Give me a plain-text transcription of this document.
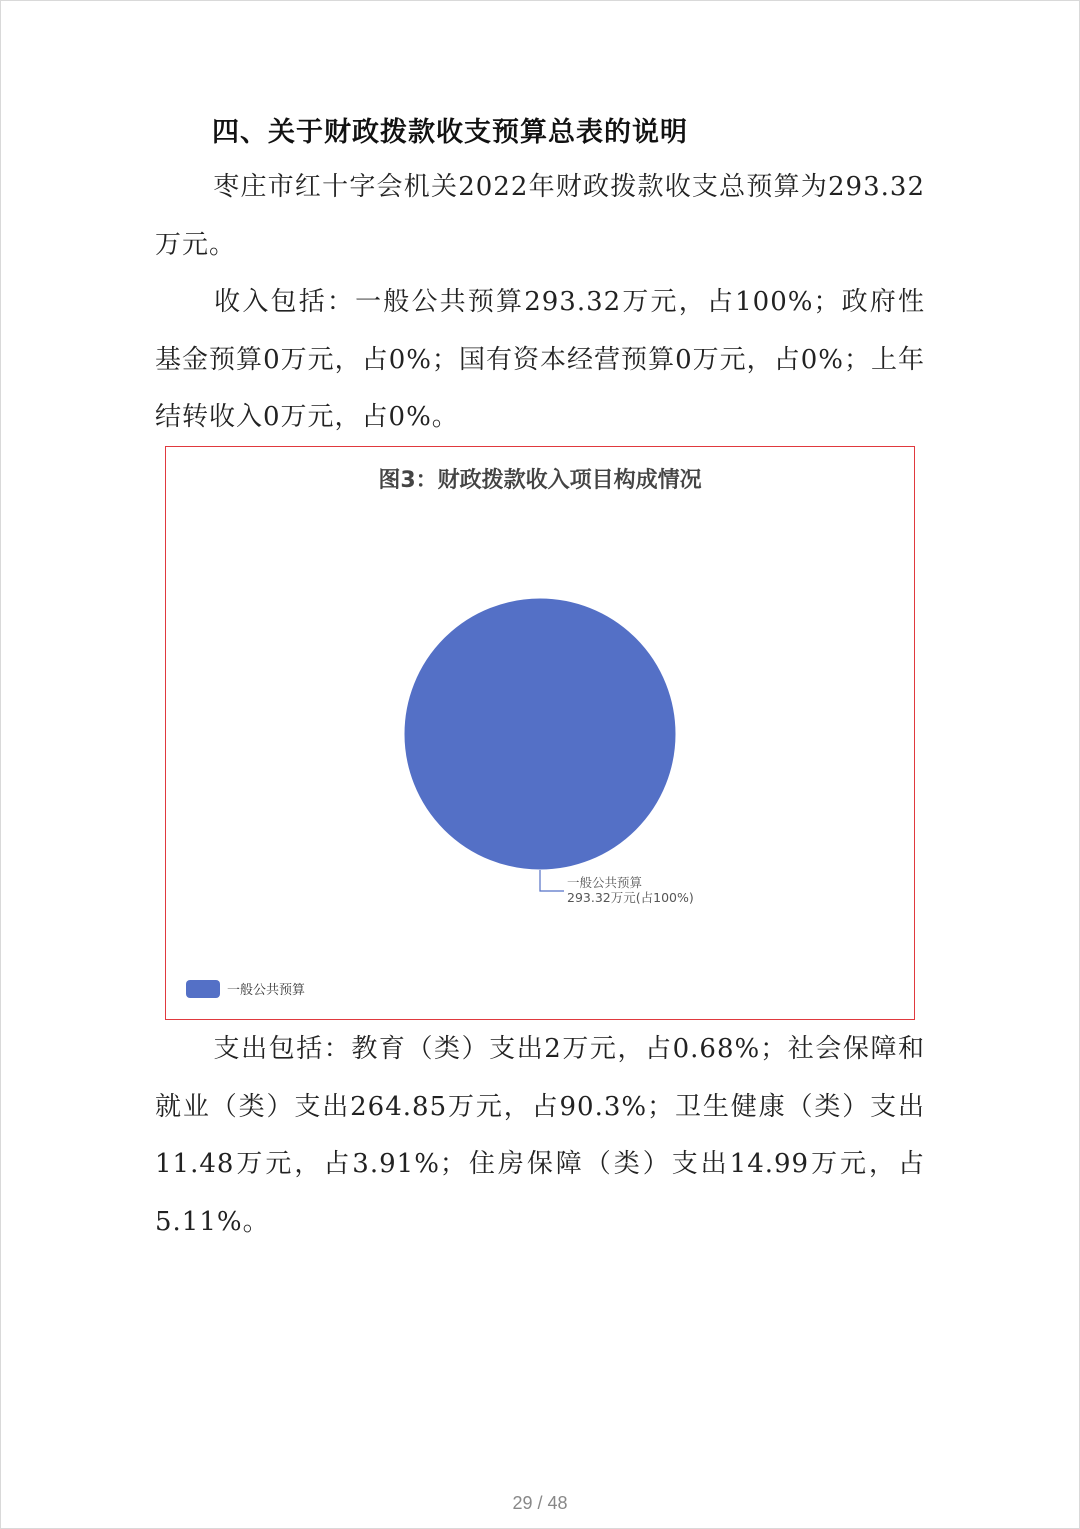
四、关于财政拨款收支预算总表的说明

枣庄市红十字会机关2022年财政拨款收支总预算为293.32万元。

收入包括：一般公共预算293.32万元，占100%；政府性基金预算0万元，占0%；国有资本经营预算0万元，占0%；上年结转收入0万元，占0%。

图3：财政拨款收入项目构成情况
一般公共预算
293.32万元(占100%)
一般公共预算

支出包括：教育（类）支出2万元，占0.68%；社会保障和就业（类）支出264.85万元，占90.3%；卫生健康（类）支出11.48万元，占3.91%；住房保障（类）支出14.99万元，占5.11%。

29 / 48
